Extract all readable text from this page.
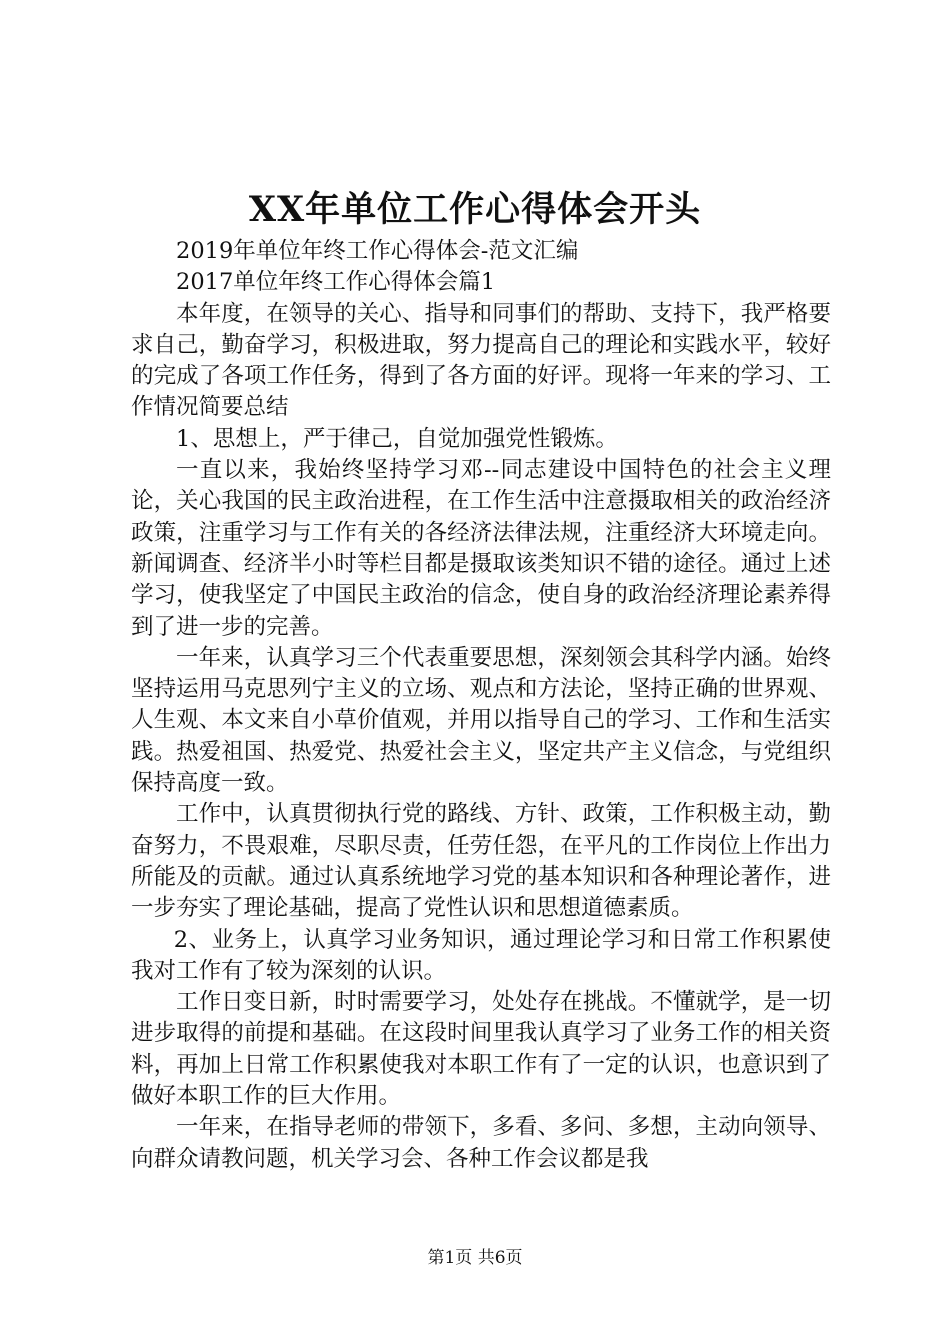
XX年单位工作心得体会开头

2019年单位年终工作心得体会-范文汇编

2017单位年终工作心得体会篇1

本年度，在领导的关心、指导和同事们的帮助、支持下，我严格要求自己，勤奋学习，积极进取，努力提高自己的理论和实践水平，较好的完成了各项工作任务，得到了各方面的好评。现将一年来的学习、工作情况简要总结

1、思想上，严于律己，自觉加强党性锻炼。

一直以来，我始终坚持学习邓--同志建设中国特色的社会主义理论，关心我国的民主政治进程，在工作生活中注意摄取相关的政治经济政策，注重学习与工作有关的各经济法律法规，注重经济大环境走向。新闻调查、经济半小时等栏目都是摄取该类知识不错的途径。通过上述学习，使我坚定了中国民主政治的信念，使自身的政治经济理论素养得到了进一步的完善。

一年来，认真学习三个代表重要思想，深刻领会其科学内涵。始终坚持运用马克思列宁主义的立场、观点和方法论，坚持正确的世界观、人生观、本文来自小草价值观，并用以指导自己的学习、工作和生活实践。热爱祖国、热爱党、热爱社会主义，坚定共产主义信念，与党组织保持高度一致。

工作中，认真贯彻执行党的路线、方针、政策，工作积极主动，勤奋努力，不畏艰难，尽职尽责，任劳任怨，在平凡的工作岗位上作出力所能及的贡献。通过认真系统地学习党的基本知识和各种理论著作，进一步夯实了理论基础，提高了党性认识和思想道德素质。

2、业务上，认真学习业务知识，通过理论学习和日常工作积累使我对工作有了较为深刻的认识。

工作日变日新，时时需要学习，处处存在挑战。不懂就学，是一切进步取得的前提和基础。在这段时间里我认真学习了业务工作的相关资料，再加上日常工作积累使我对本职工作有了一定的认识，也意识到了做好本职工作的巨大作用。

一年来，在指导老师的带领下，多看、多问、多想，主动向领导、向群众请教问题，机关学习会、各种工作会议都是我

第1页 共6页
